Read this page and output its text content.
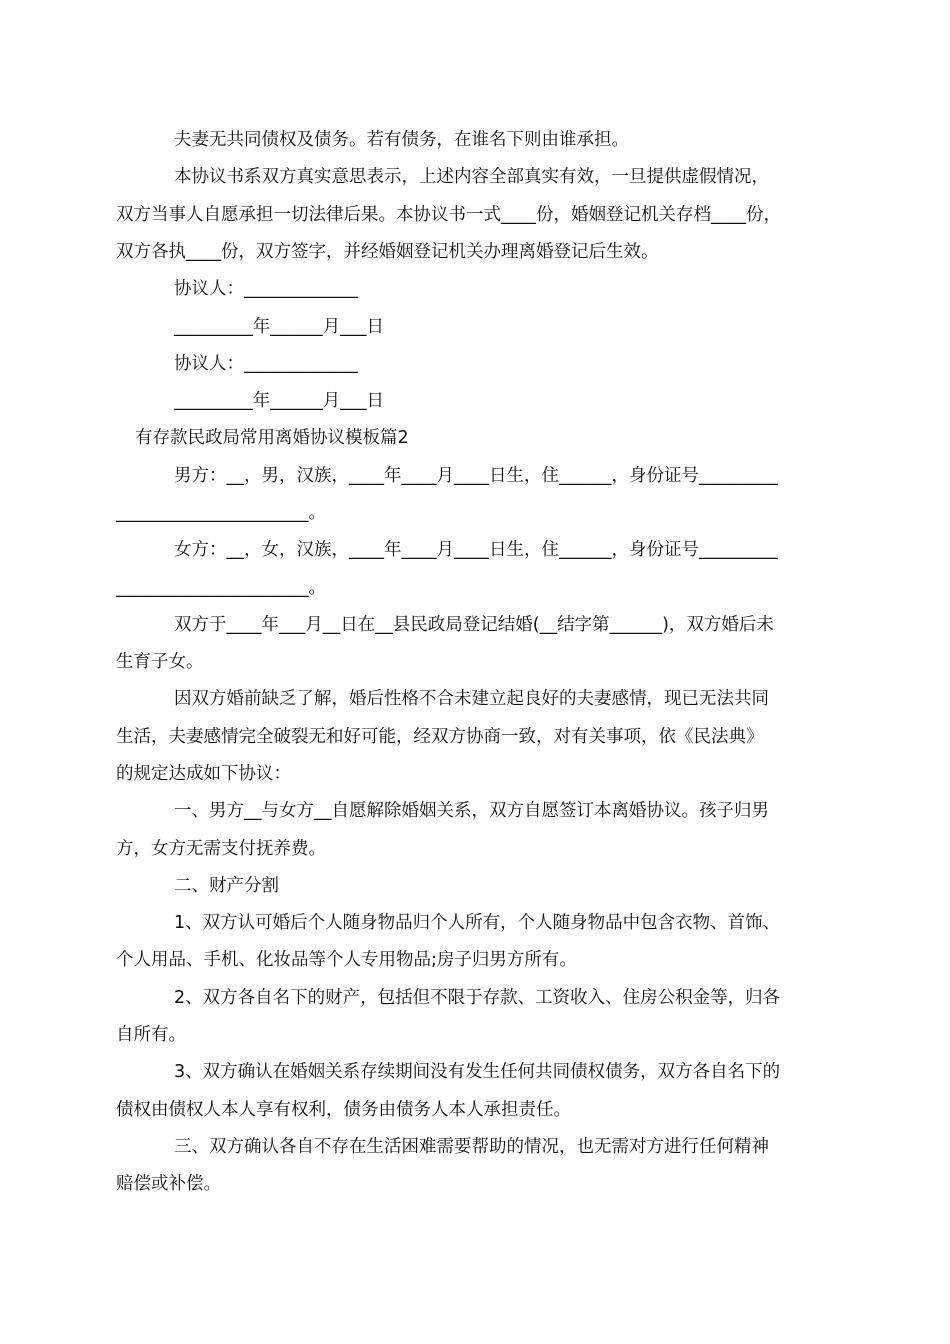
夫妻无共同债权及债务。若有债务，在谁名下则由谁承担。

本协议书系双方真实意思表示，上述内容全部真实有效，一旦提供虚假情况，

双方当事人自愿承担一切法律后果。本协议书一式____份，婚姻登记机关存档____份，

双方各执____份，双方签字，并经婚姻登记机关办理离婚登记后生效。

协议人：_____________

_________年______月___日

协议人：_____________

_________年______月___日

有存款民政局常用离婚协议模板篇2

男方：__，男，汉族，____年____月____日生，住______，身份证号_________

______________________。

女方：__，女，汉族，____年____月____日生，住______，身份证号_________

______________________。

双方于____年___月__日在__县民政局登记结婚(__结字第______)，双方婚后未

生育子女。

因双方婚前缺乏了解，婚后性格不合未建立起良好的夫妻感情，现已无法共同

生活，夫妻感情完全破裂无和好可能，经双方协商一致，对有关事项，依《民法典》

的规定达成如下协议：

一、男方__与女方__自愿解除婚姻关系，双方自愿签订本离婚协议。孩子归男

方，女方无需支付抚养费。

二、财产分割

1、双方认可婚后个人随身物品归个人所有，个人随身物品中包含衣物、首饰、

个人用品、手机、化妆品等个人专用物品;房子归男方所有。

2、双方各自名下的财产，包括但不限于存款、工资收入、住房公积金等，归各

自所有。

3、双方确认在婚姻关系存续期间没有发生任何共同债权债务，双方各自名下的

债权由债权人本人享有权利，债务由债务人本人承担责任。

三、双方确认各自不存在生活困难需要帮助的情况，也无需对方进行任何精神

赔偿或补偿。
